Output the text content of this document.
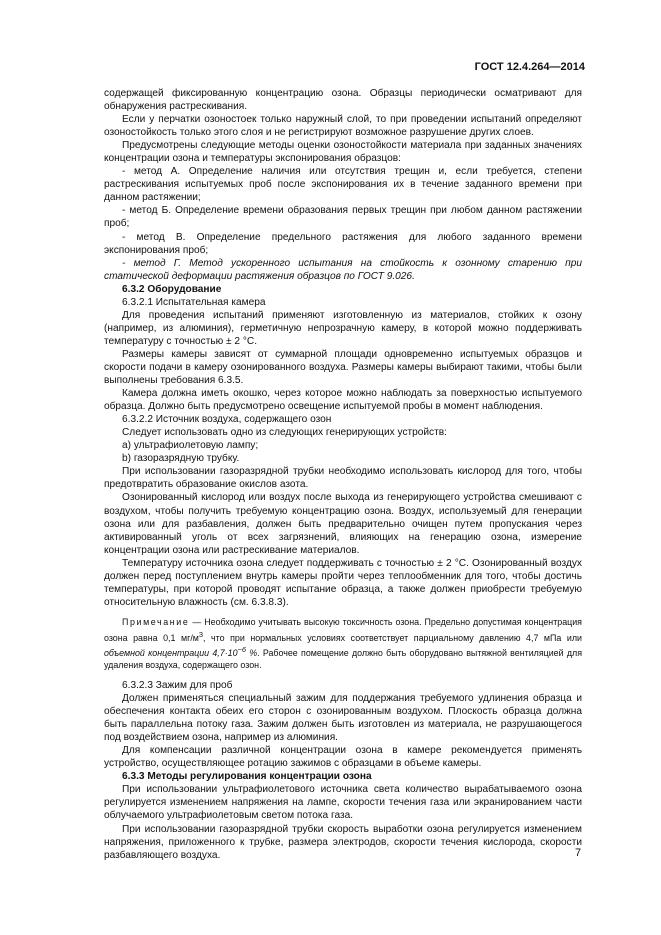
ГОСТ 12.4.264—2014

содержащей фиксированную концентрацию озона. Образцы периодически осматривают для обнаружения растрескивания.

Если у перчатки озоностоек только наружный слой, то при проведении испытаний определяют озоностойкость только этого слоя и не регистрируют возможное разрушение других слоев.

Предусмотрены следующие методы оценки озоностойкости материала при заданных значениях концентрации озона и температуры экспонирования образцов:

- метод А. Определение наличия или отсутствия трещин и, если требуется, степени растрескивания испытуемых проб после экспонирования их в течение заданного времени при данном растяжении;

- метод Б. Определение времени образования первых трещин при любом данном растяжении проб;

- метод В. Определение предельного растяжения для любого заданного времени экспонирования проб;

- метод Г. Метод ускоренного испытания на стойкость к озонному старению при статической деформации растяжения образцов по ГОСТ 9.026.

6.3.2 Оборудование

6.3.2.1 Испытательная камера

Для проведения испытаний применяют изготовленную из материалов, стойких к озону (например, из алюминия), герметичную непрозрачную камеру, в которой можно поддерживать температуру с точностью ± 2 °С.

Размеры камеры зависят от суммарной площади одновременно испытуемых образцов и скорости подачи в камеру озонированного воздуха. Размеры камеры выбирают такими, чтобы были выполнены требования 6.3.5.

Камера должна иметь окошко, через которое можно наблюдать за поверхностью испытуемого образца. Должно быть предусмотрено освещение испытуемой пробы в момент наблюдения.

6.3.2.2 Источник воздуха, содержащего озон

Следует использовать одно из следующих генерирующих устройств:

a) ультрафиолетовую лампу;

b) газоразрядную трубку.

При использовании газоразрядной трубки необходимо использовать кислород для того, чтобы предотвратить образование окислов азота.

Озонированный кислород или воздух после выхода из генерирующего устройства смешивают с воздухом, чтобы получить требуемую концентрацию озона. Воздух, используемый для генерации озона или для разбавления, должен быть предварительно очищен путем пропускания через активированный уголь от всех загрязнений, влияющих на генерацию озона, измерение концентрации озона или растрескивание материалов.

Температуру источника озона следует поддерживать с точностью ± 2 °С. Озонированный воздух должен перед поступлением внутрь камеры пройти через теплообменник для того, чтобы достичь температуры, при которой проводят испытание образца, а также должен приобрести требуемую относительную влажность (см. 6.3.8.3).

Примечание — Необходимо учитывать высокую токсичность озона. Предельно допустимая концентрация озона равна 0,1 $мг/м^3$, что при нормальных условиях соответствует парциальному давлению 4,7 мПа или объемной концентрации $4,7\cdot 10^{-6}$ %. Рабочее помещение должно быть оборудовано вытяжной вентиляцией для удаления воздуха, содержащего озон.

6.3.2.3 Зажим для проб

Должен применяться специальный зажим для поддержания требуемого удлинения образца и обеспечения контакта обеих его сторон с озонированным воздухом. Плоскость образца должна быть параллельна потоку газа. Зажим должен быть изготовлен из материала, не разрушающегося под воздействием озона, например из алюминия.

Для компенсации различной концентрации озона в камере рекомендуется применять устройство, осуществляющее ротацию зажимов с образцами в объеме камеры.

6.3.3 Методы регулирования концентрации озона

При использовании ультрафиолетового источника света количество вырабатываемого озона регулируется изменением напряжения на лампе, скорости течения газа или экранированием части облучаемого ультрафиолетовым светом потока газа.

При использовании газоразрядной трубки скорость выработки озона регулируется изменением напряжения, приложенного к трубке, размера электродов, скорости течения кислорода, скорости разбавляющего воздуха.	7
